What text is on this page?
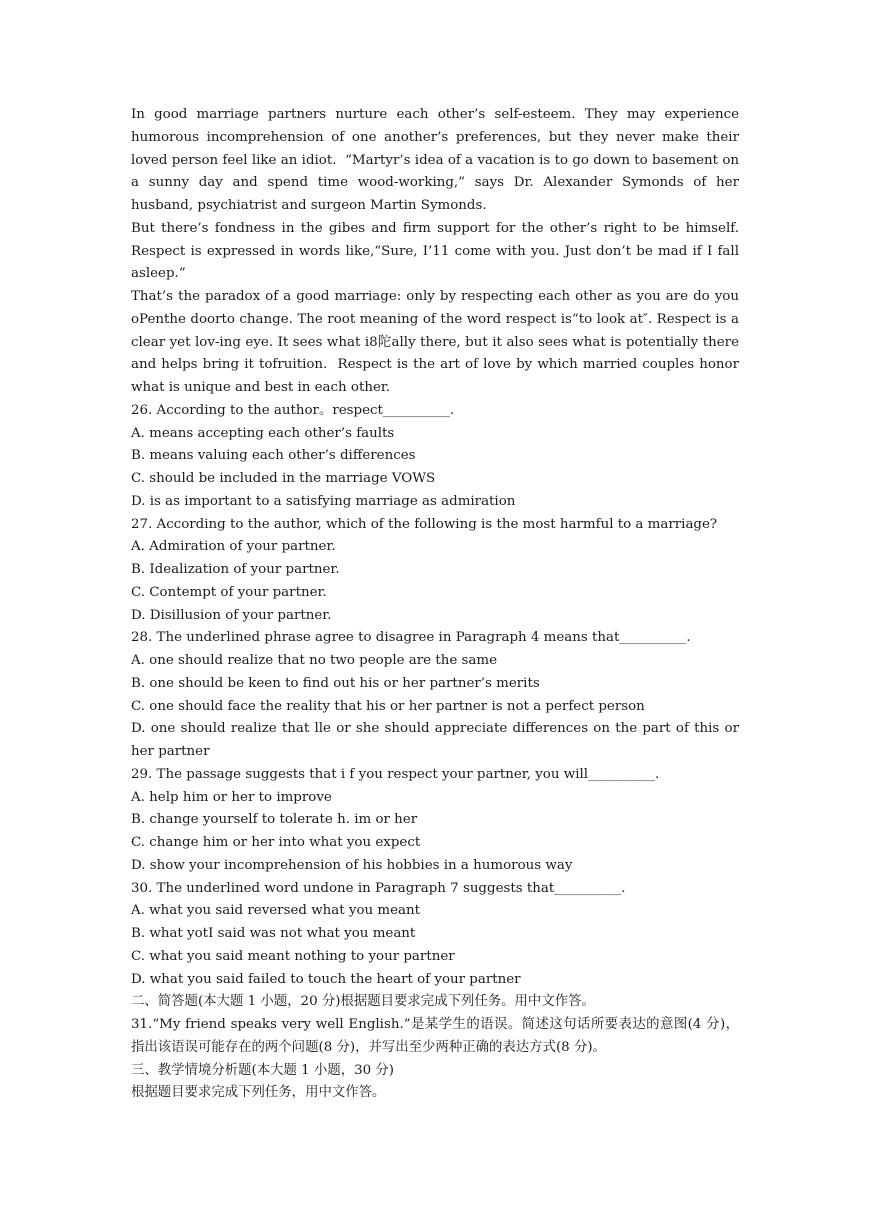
In good marriage partners nurture each other’s self-esteem. They may experience humorous incomprehension of one another’s preferences, but they never make their loved person feel like an idiot.  “Martyr’s idea of a vacation is to go down to basement on a sunny day and spend time wood-working,” says Dr. Alexander Symonds of her husband, psychiatrist and surgeon Martin Symonds.

But there’s fondness in the gibes and firm support for the other’s right to be himself. Respect is expressed in words like,“Sure, I’11 come with you. Just don’t be mad if I fall asleep.”

That’s the paradox of a good marriage: only by respecting each other as you are do you oPenthe doorto change. The root meaning of the word respect is“to look at″. Respect is a clear yet lov-ing eye. It sees what i8陀ally there, but it also sees what is potentially there and helps bring it tofruition.  Respect is the art of love by which married couples honor what is unique and best in each other.

26. According to the author。respect__________.

A. means accepting each other’s faults

B. means valuing each other’s differences

C. should be included in the marriage VOWS

D. is as important to a satisfying marriage as admiration

27. According to the author, which of the following is the most harmful to a marriage?

A. Admiration of your partner.

B. Idealization of your partner.

C. Contempt of your partner.

D. Disillusion of your partner.

28. The underlined phrase agree to disagree in Paragraph 4 means that__________.

A. one should realize that no two people are the same

B. one should be keen to find out his or her partner’s merits

C. one should face the reality that his or her partner is not a perfect person

D. one should realize that lle or she should appreciate differences on the part of this or her partner

29. The passage suggests that i f you respect your partner, you will__________.

A. help him or her to improve

B. change yourself to tolerate h. im or her

C. change him or her into what you expect

D. show your incomprehension of his hobbies in a humorous way

30. The underlined word undone in Paragraph 7 suggests that__________.

A. what you said reversed what you meant

B. what yotI said was not what you meant

C. what you said meant nothing to your partner

D. what you said failed to touch the heart of your partner

二、简答题(本大题 1 小题，20 分)根据题目要求完成下列任务。用中文作答。

31.“My friend speaks very well English.”是某学生的语误。简述这句话所要表达的意图(4 分)，指出该语误可能存在的两个问题(8 分)，并写出至少两种正确的表达方式(8 分)。

三、教学情境分析题(本大题 1 小题，30 分)

根据题目要求完成下列任务，用中文作答。
